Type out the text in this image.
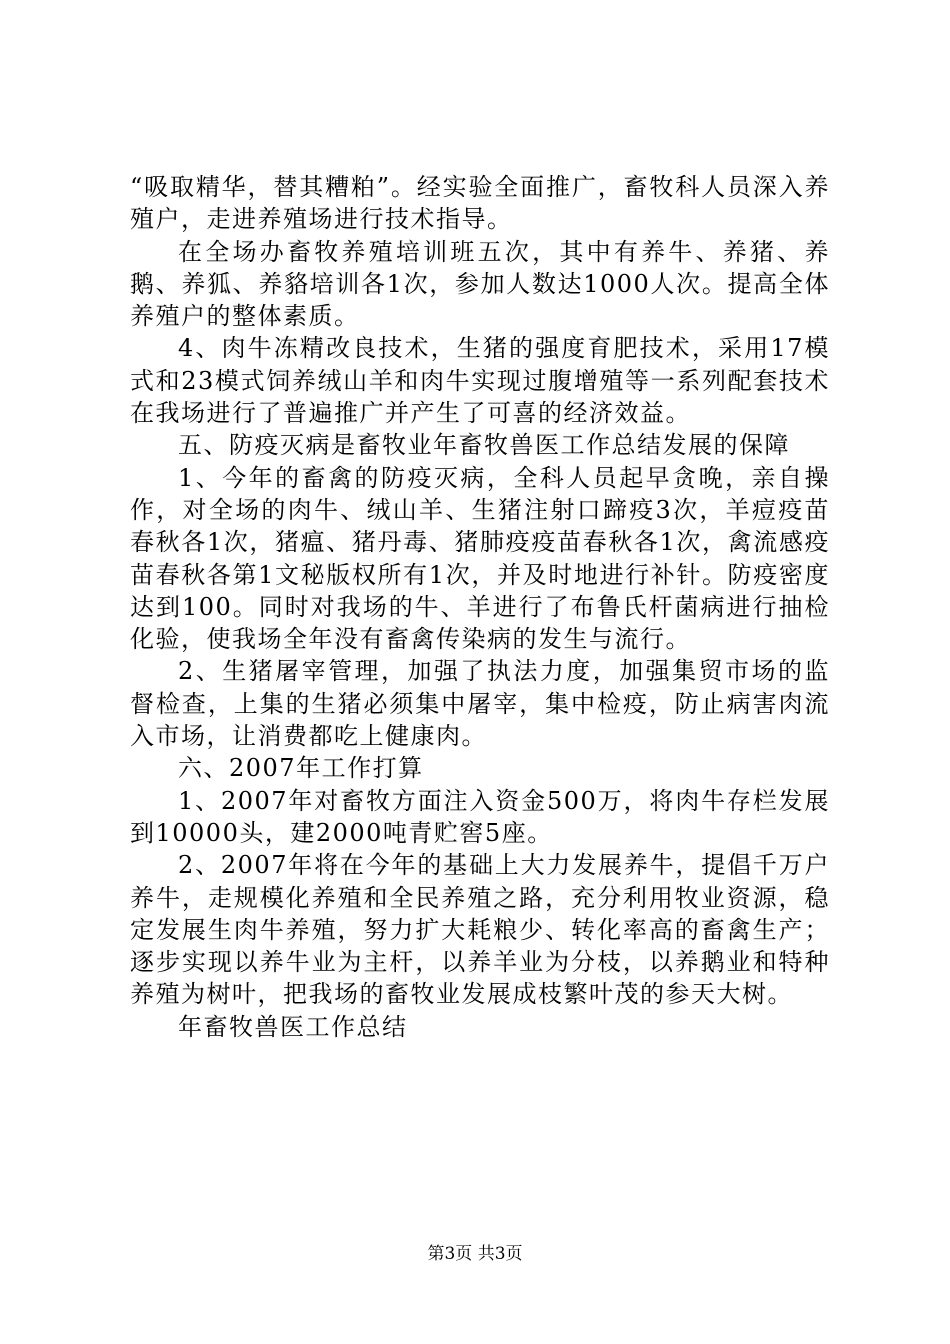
“吸取精华，替其糟粕”。经实验全面推广，畜牧科人员深入养殖户，走进养殖场进行技术指导。

在全场办畜牧养殖培训班五次，其中有养牛、养猪、养鹅、养狐、养貉培训各1次，参加人数达1000人次。提高全体养殖户的整体素质。

4、肉牛冻精改良技术，生猪的强度育肥技术，采用17模式和23模式饲养绒山羊和肉牛实现过腹增殖等一系列配套技术在我场进行了普遍推广并产生了可喜的经济效益。

五、防疫灭病是畜牧业年畜牧兽医工作总结发展的保障

1、今年的畜禽的防疫灭病，全科人员起早贪晚，亲自操作，对全场的肉牛、绒山羊、生猪注射口蹄疫3次，羊痘疫苗春秋各1次，猪瘟、猪丹毒、猪肺疫疫苗春秋各1次，禽流感疫苗春秋各第1文秘版权所有1次，并及时地进行补针。防疫密度达到100。同时对我场的牛、羊进行了布鲁氏杆菌病进行抽检化验，使我场全年没有畜禽传染病的发生与流行。

2、生猪屠宰管理，加强了执法力度，加强集贸市场的监督检查，上集的生猪必须集中屠宰，集中检疫，防止病害肉流入市场，让消费都吃上健康肉。

六、2007年工作打算

1、2007年对畜牧方面注入资金500万，将肉牛存栏发展到10000头，建2000吨青贮窖5座。

2、2007年将在今年的基础上大力发展养牛，提倡千万户养牛，走规模化养殖和全民养殖之路，充分利用牧业资源，稳定发展生肉牛养殖，努力扩大耗粮少、转化率高的畜禽生产；逐步实现以养牛业为主杆，以养羊业为分枝，以养鹅业和特种养殖为树叶，把我场的畜牧业发展成枝繁叶茂的参天大树。

年畜牧兽医工作总结

第3页 共3页
